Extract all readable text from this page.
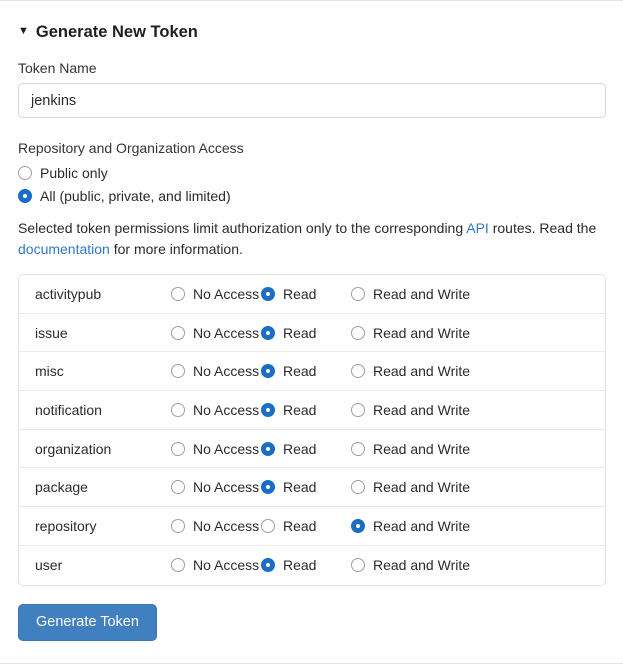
▼ Generate New Token
Token Name
jenkins
Repository and Organization Access
Public only
All (public, private, and limited)
Selected token permissions limit authorization only to the corresponding API routes. Read the documentation for more information.
activitypub	No Access Read	Read and Write
issue	No Access Read	Read and Write
misc	No Access Read	Read and Write
notification	No Access Read	Read and Write
organization	No Access Read	Read and Write
package	No Access Read	Read and Write
repository	No Access Read	Read and Write
user	No Access Read	Read and Write
Generate Token
